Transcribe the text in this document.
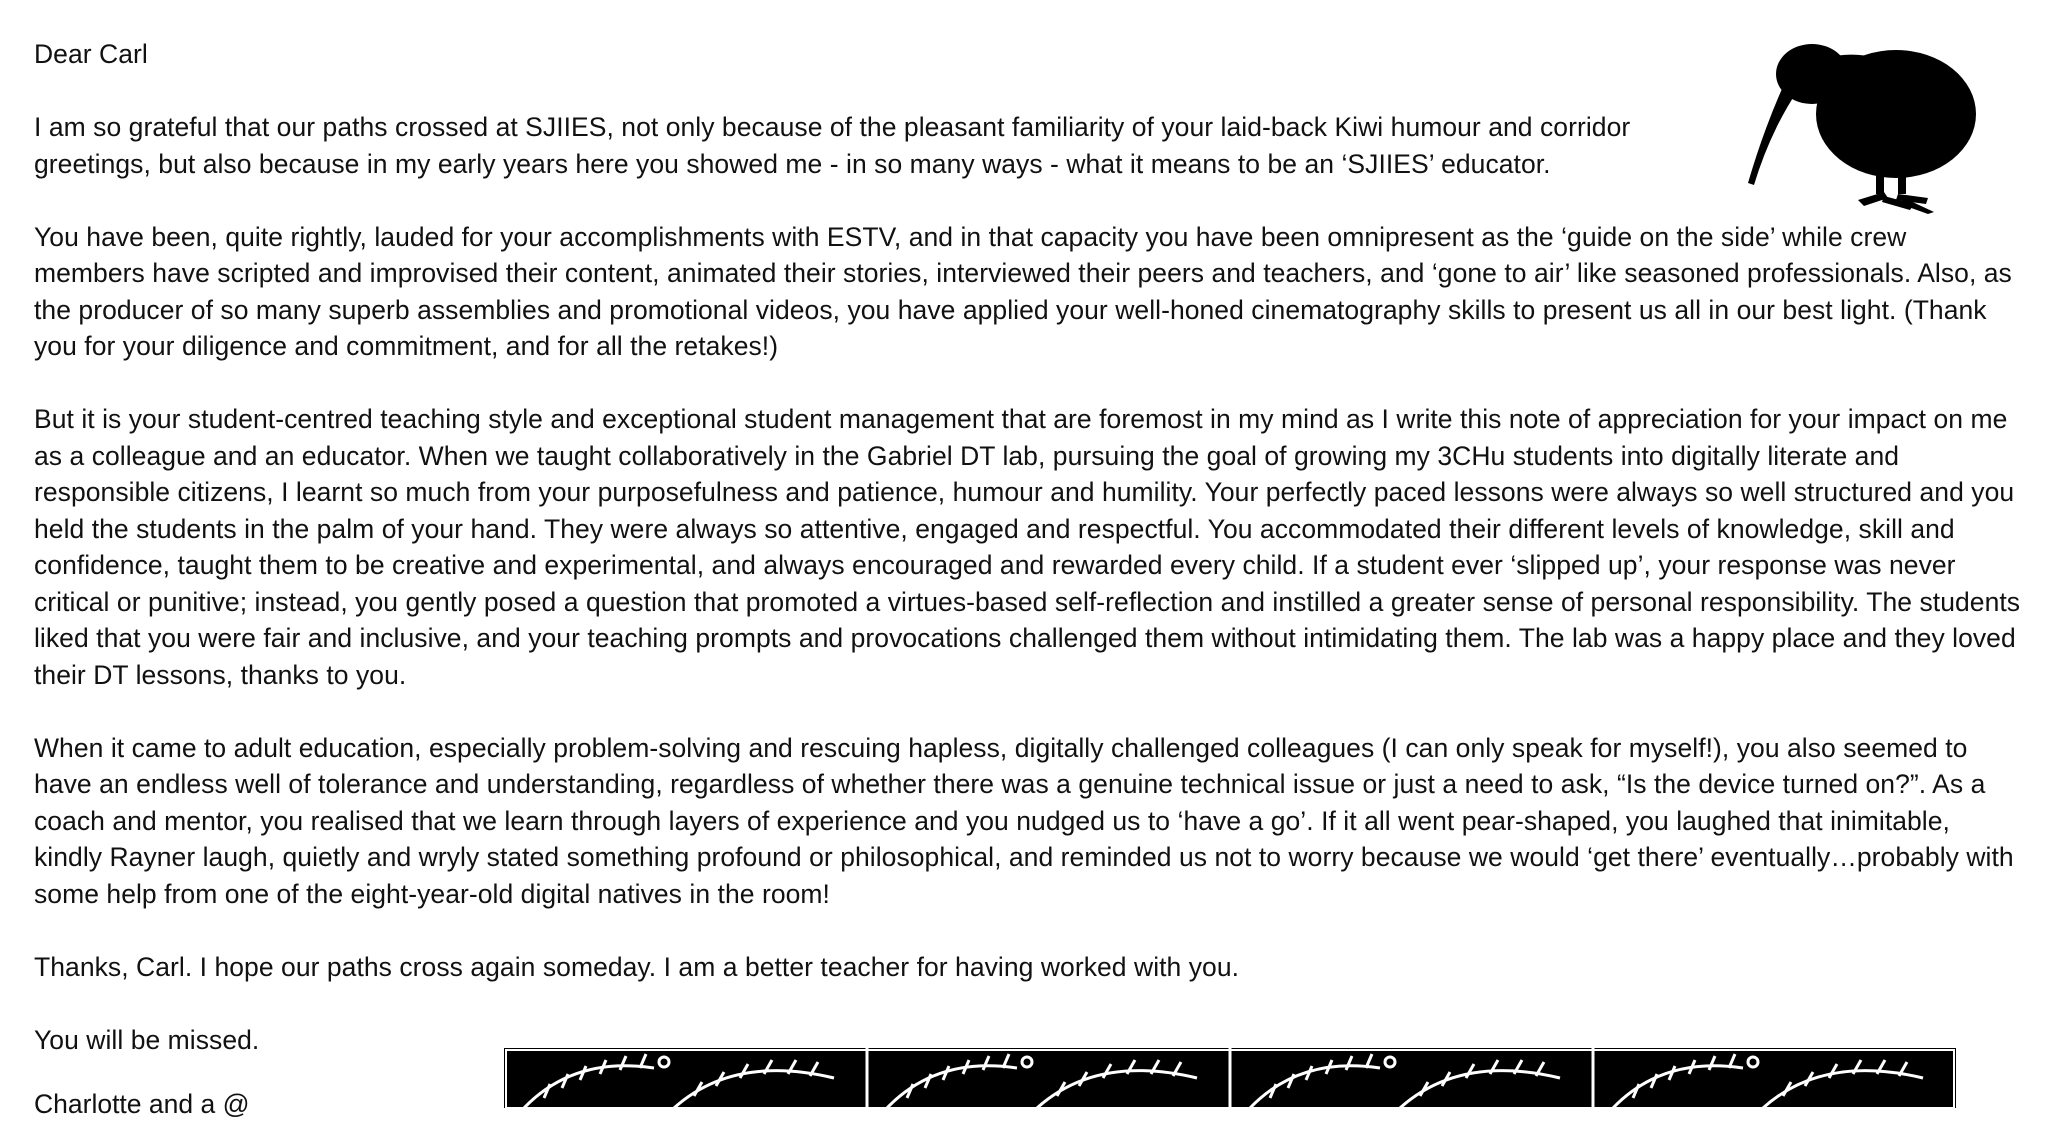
Dear Carl

I am so grateful that our paths crossed at SJIIES, not only because of the pleasant familiarity of your laid-back Kiwi humour and corridor greetings, but also because in my early years here you showed me - in so many ways - what it means to be an ‘SJIIES’ educator.

You have been, quite rightly, lauded for your accomplishments with ESTV, and in that capacity you have been omnipresent as the ‘guide on the side’ while crew members have scripted and improvised their content, animated their stories, interviewed their peers and teachers, and ‘gone to air’ like seasoned professionals. Also, as the producer of so many superb assemblies and promotional videos, you have applied your well-honed cinematography skills to present us all in our best light. (Thank you for your diligence and commitment, and for all the retakes!)

But it is your student-centred teaching style and exceptional student management that are foremost in my mind as I write this note of appreciation for your impact on me as a colleague and an educator. When we taught collaboratively in the Gabriel DT lab, pursuing the goal of growing my 3CHu students into digitally literate and responsible citizens, I learnt so much from your purposefulness and patience, humour and humility. Your perfectly paced lessons were always so well structured and you held the students in the palm of your hand. They were always so attentive, engaged and respectful. You accommodated their different levels of knowledge, skill and confidence, taught them to be creative and experimental, and always encouraged and rewarded every child. If a student ever ‘slipped up’, your response was never critical or punitive; instead, you gently posed a question that promoted a virtues-based self-reflection and instilled a greater sense of personal responsibility. The students liked that you were fair and inclusive, and your teaching prompts and provocations challenged them without intimidating them. The lab was a happy place and they loved their DT lessons, thanks to you.

When it came to adult education, especially problem-solving and rescuing hapless, digitally challenged colleagues (I can only speak for myself!), you also seemed to have an endless well of tolerance and understanding, regardless of whether there was a genuine technical issue or just a need to ask, “Is the device turned on?”. As a coach and mentor, you realised that we learn through layers of experience and you nudged us to ‘have a go’. If it all went pear-shaped, you laughed that inimitable, kindly Rayner laugh, quietly and wryly stated something profound or philosophical, and reminded us not to worry because we would ‘get there’ eventually…probably with some help from one of the eight-year-old digital natives in the room!

Thanks, Carl. I hope our paths cross again someday. I am a better teacher for having worked with you.

You will be missed.

Charlotte and a @
